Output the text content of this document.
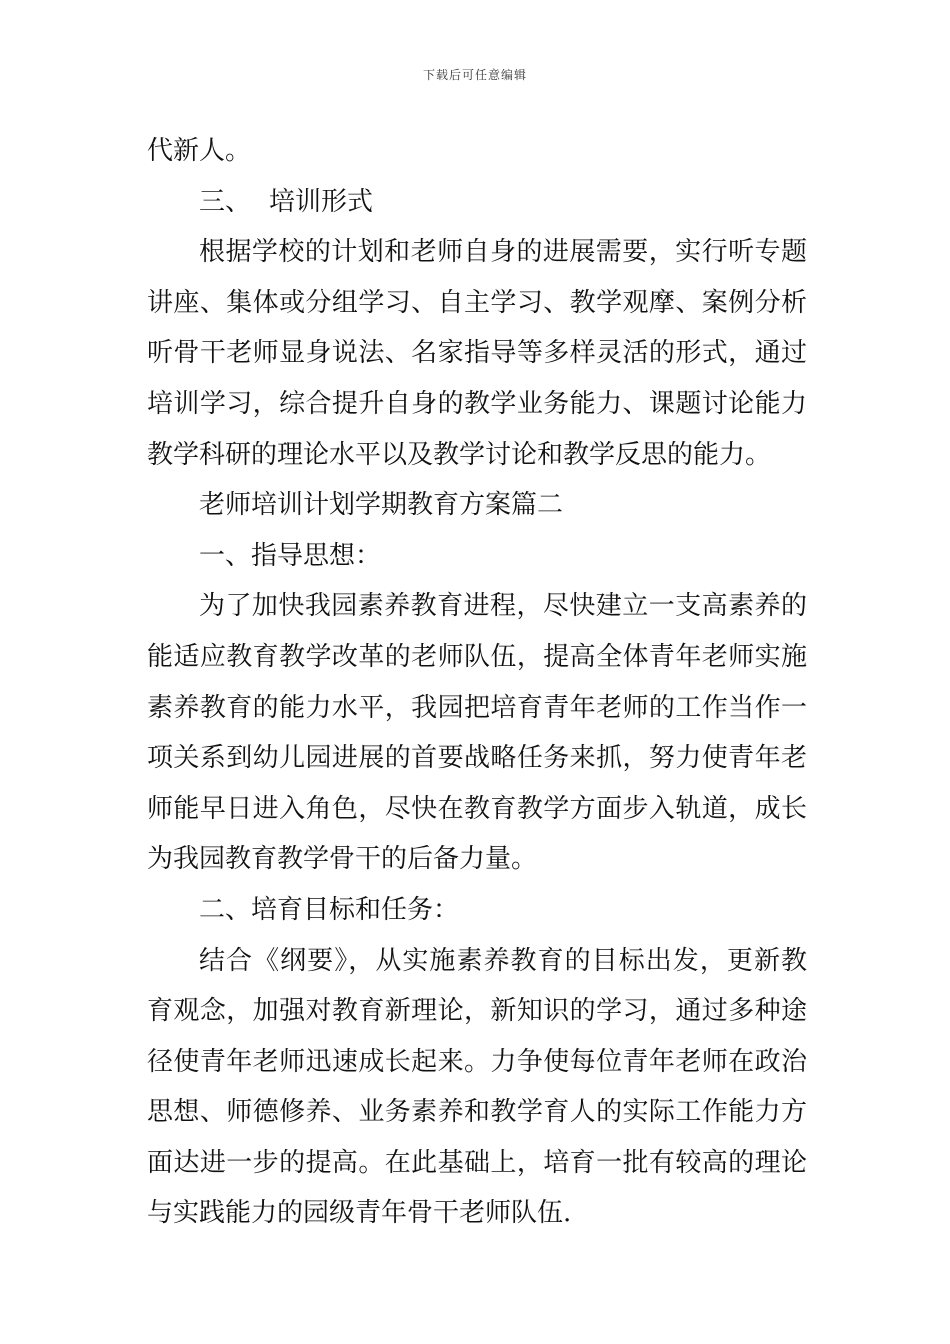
下载后可任意编辑
代新人。
三、 培训形式
根据学校的计划和老师自身的进展需要，实行听专题
讲座、集体或分组学习、自主学习、教学观摩、案例分析
听骨干老师显身说法、名家指导等多样灵活的形式，通过
培训学习，综合提升自身的教学业务能力、课题讨论能力
教学科研的理论水平以及教学讨论和教学反思的能力。
老师培训计划学期教育方案篇二
一、指导思想：
为了加快我园素养教育进程，尽快建立一支高素养的
能适应教育教学改革的老师队伍，提高全体青年老师实施
素养教育的能力水平，我园把培育青年老师的工作当作一
项关系到幼儿园进展的首要战略任务来抓，努力使青年老
师能早日进入角色，尽快在教育教学方面步入轨道，成长
为我园教育教学骨干的后备力量。
二、培育目标和任务：
结合《纲要》，从实施素养教育的目标出发，更新教
育观念，加强对教育新理论，新知识的学习，通过多种途
径使青年老师迅速成长起来。力争使每位青年老师在政治
思想、师德修养、业务素养和教学育人的实际工作能力方
面达进一步的提高。在此基础上，培育一批有较高的理论
与实践能力的园级青年骨干老师队伍.
